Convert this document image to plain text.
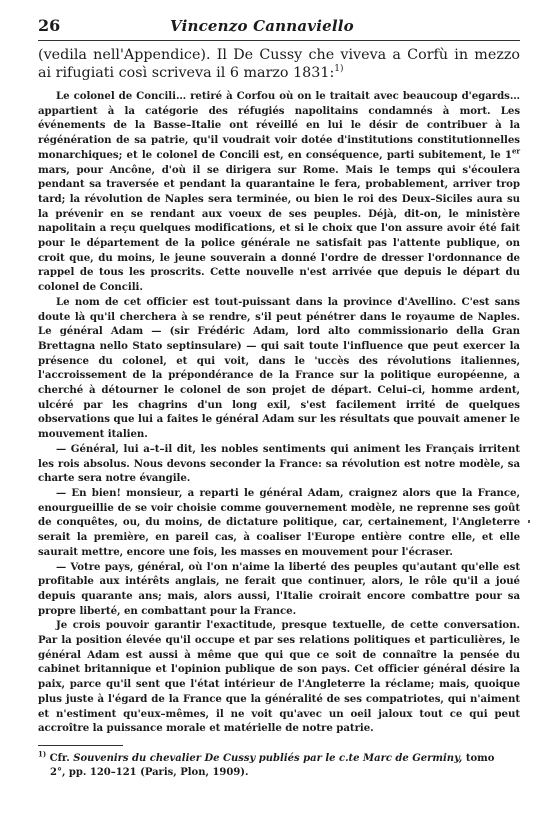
26	Vincenzo Cannaviello

(vedila nell'Appendice). Il De Cussy che viveva a Corfù in mezzo ai rifugiati così scriveva il 6 marzo 1831:$^{1)}$

Le colonel de Concili… retiré à Corfou où on le traitait avec beaucoup d'egards… appartient à la catégorie des réfugiés napolitains condamnés à mort. Les événements de la Basse–Italie ont réveillé en lui le désir de contribuer à la régénération de sa patrie, qu'il voudrait voir dotée d'institutions constitutionnelles monarchiques; et le colonel de Concili est, en conséquence, parti subitement, le 1er mars, pour Ancône, d'où il se dirigera sur Rome. Mais le temps qui s'écoulera pendant sa traversée et pendant la quarantaine le fera, probablement, arriver trop tard; la révolution de Naples sera terminée, ou bien le roi des Deux–Siciles aura su la prévenir en se rendant aux voeux de ses peuples. Déjà, dit-on, le ministère napolitain a reçu quelques modifications, et si le choix que l'on assure avoir été fait pour le département de la police générale ne satisfait pas l'attente publique, on croit que, du moins, le jeune souverain a donné l'ordre de dresser l'ordonnance de rappel de tous les proscrits. Cette nouvelle n'est arrivée que depuis le départ du colonel de Concili.

Le nom de cet officier est tout-puissant dans la province d'Avellino. C'est sans doute là qu'il cherchera à se rendre, s'il peut pénétrer dans le royaume de Naples. Le général Adam — (sir Frédéric Adam, lord alto commissionario della Gran Brettagna nello Stato septinsulare) — qui sait toute l'influence que peut exercer la présence du colonel, et qui voit, dans le 'uccès des révolutions italiennes, l'accroissement de la prépondérance de la France sur la politique européenne, a cherché à détourner le colonel de son projet de départ. Celui–ci, homme ardent, ulcéré par les chagrins d'un long exil, s'est facilement irrité de quelques observations que lui a faites le général Adam sur les résultats que pouvait amener le mouvement italien.

— Général, lui a–t–il dit, les nobles sentiments qui animent les Français irritent les rois absolus. Nous devons seconder la France: sa révolution est notre modèle, sa charte sera notre évangile.

— En bien! monsieur, a reparti le général Adam, craignez alors que la France, enourgueillie de se voir choisie comme gouvernement modèle, ne reprenne ses goût de conquêtes, ou, du moins, de dictature politique, car, certainement, l'Angleterre serait la première, en pareil cas, à coaliser l'Europe entière contre elle, et elle saurait mettre, encore une fois, les masses en mouvement pour l'écraser.

— Votre pays, général, où l'on n'aime la liberté des peuples qu'autant qu'elle est profitable aux intérêts anglais, ne ferait que continuer, alors, le rôle qu'il a joué depuis quarante ans; mais, alors aussi, l'Italie croirait encore combattre pour sa propre liberté, en combattant pour la France.

Je crois pouvoir garantir l'exactitude, presque textuelle, de cette conversation. Par la position élevée qu'il occupe et par ses relations politiques et particulières, le général Adam est aussi à même que qui que ce soit de connaître la pensée du cabinet britannique et l'opinion publique de son pays. Cet officier général désire la paix, parce qu'il sent que l'état intérieur de l'Angleterre la réclame; mais, quoique plus juste à l'égard de la France que la généralité de ses compatriotes, qui n'aiment et n'estiment qu'eux–mêmes, il ne voit qu'avec un oeil jaloux tout ce qui peut accroître la puissance morale et matérielle de notre patrie.

$^{1)}$ Cfr. Souvenirs du chevalier De Cussy publiés par le c.te Marc de Germiny, tomo
2°, pp. 120–121 (Paris, Plon, 1909).
